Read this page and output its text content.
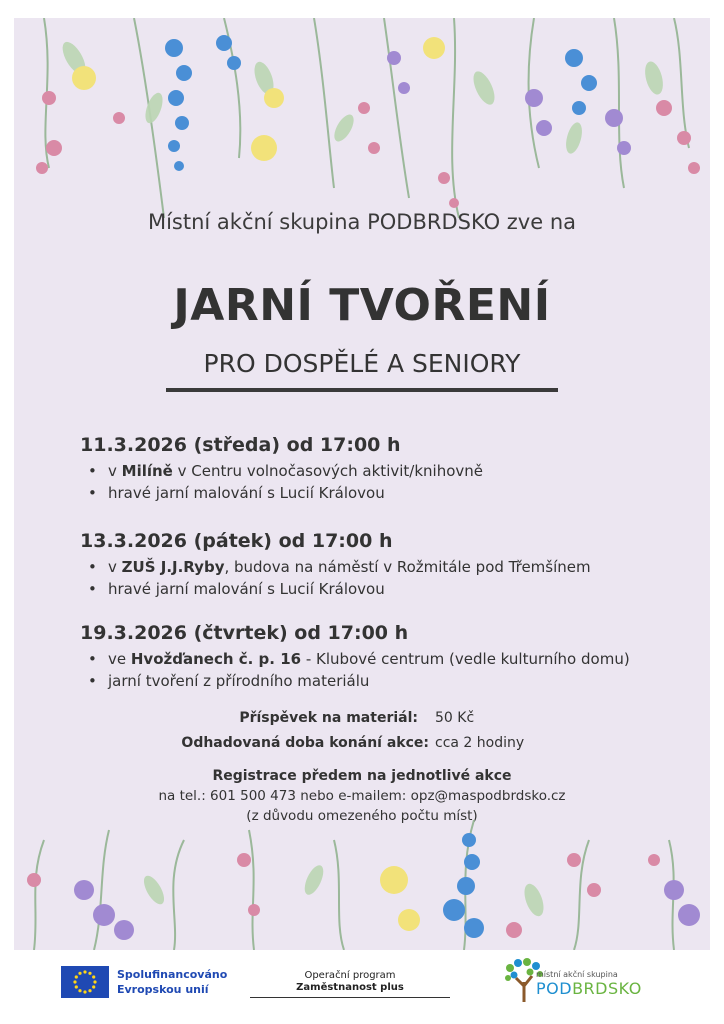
Místní akční skupina PODBRDSKO zve na
JARNÍ TVOŘENÍ
PRO DOSPĚLÉ A SENIORY
11.3.2026 (středa) od 17:00 h
• v Milíně v Centru volnočasových aktivit/knihovně
• hravé jarní malování s Lucií Královou
13.3.2026 (pátek) od 17:00 h
• v ZUŠ J.J.Ryby, budova na náměstí v Rožmitále pod Třemšínem
• hravé jarní malování s Lucií Královou
19.3.2026 (čtvrtek) od 17:00 h
• ve Hvožďanech č. p. 16 - Klubové centrum (vedle kulturního domu)
• jarní tvoření z přírodního materiálu
Příspěvek na materiál: 50 Kč
Odhadovaná doba konání akce: cca 2 hodiny
Registrace předem na jednotlivé akce
na tel.: 601 500 473 nebo e-mailem: opz@maspodbrdsko.cz
(z důvodu omezeného počtu míst)
Spolufinancováno
Evropskou unií
Operační program
Zaměstnanost plus
místní akční skupina
PODBRDSKO
